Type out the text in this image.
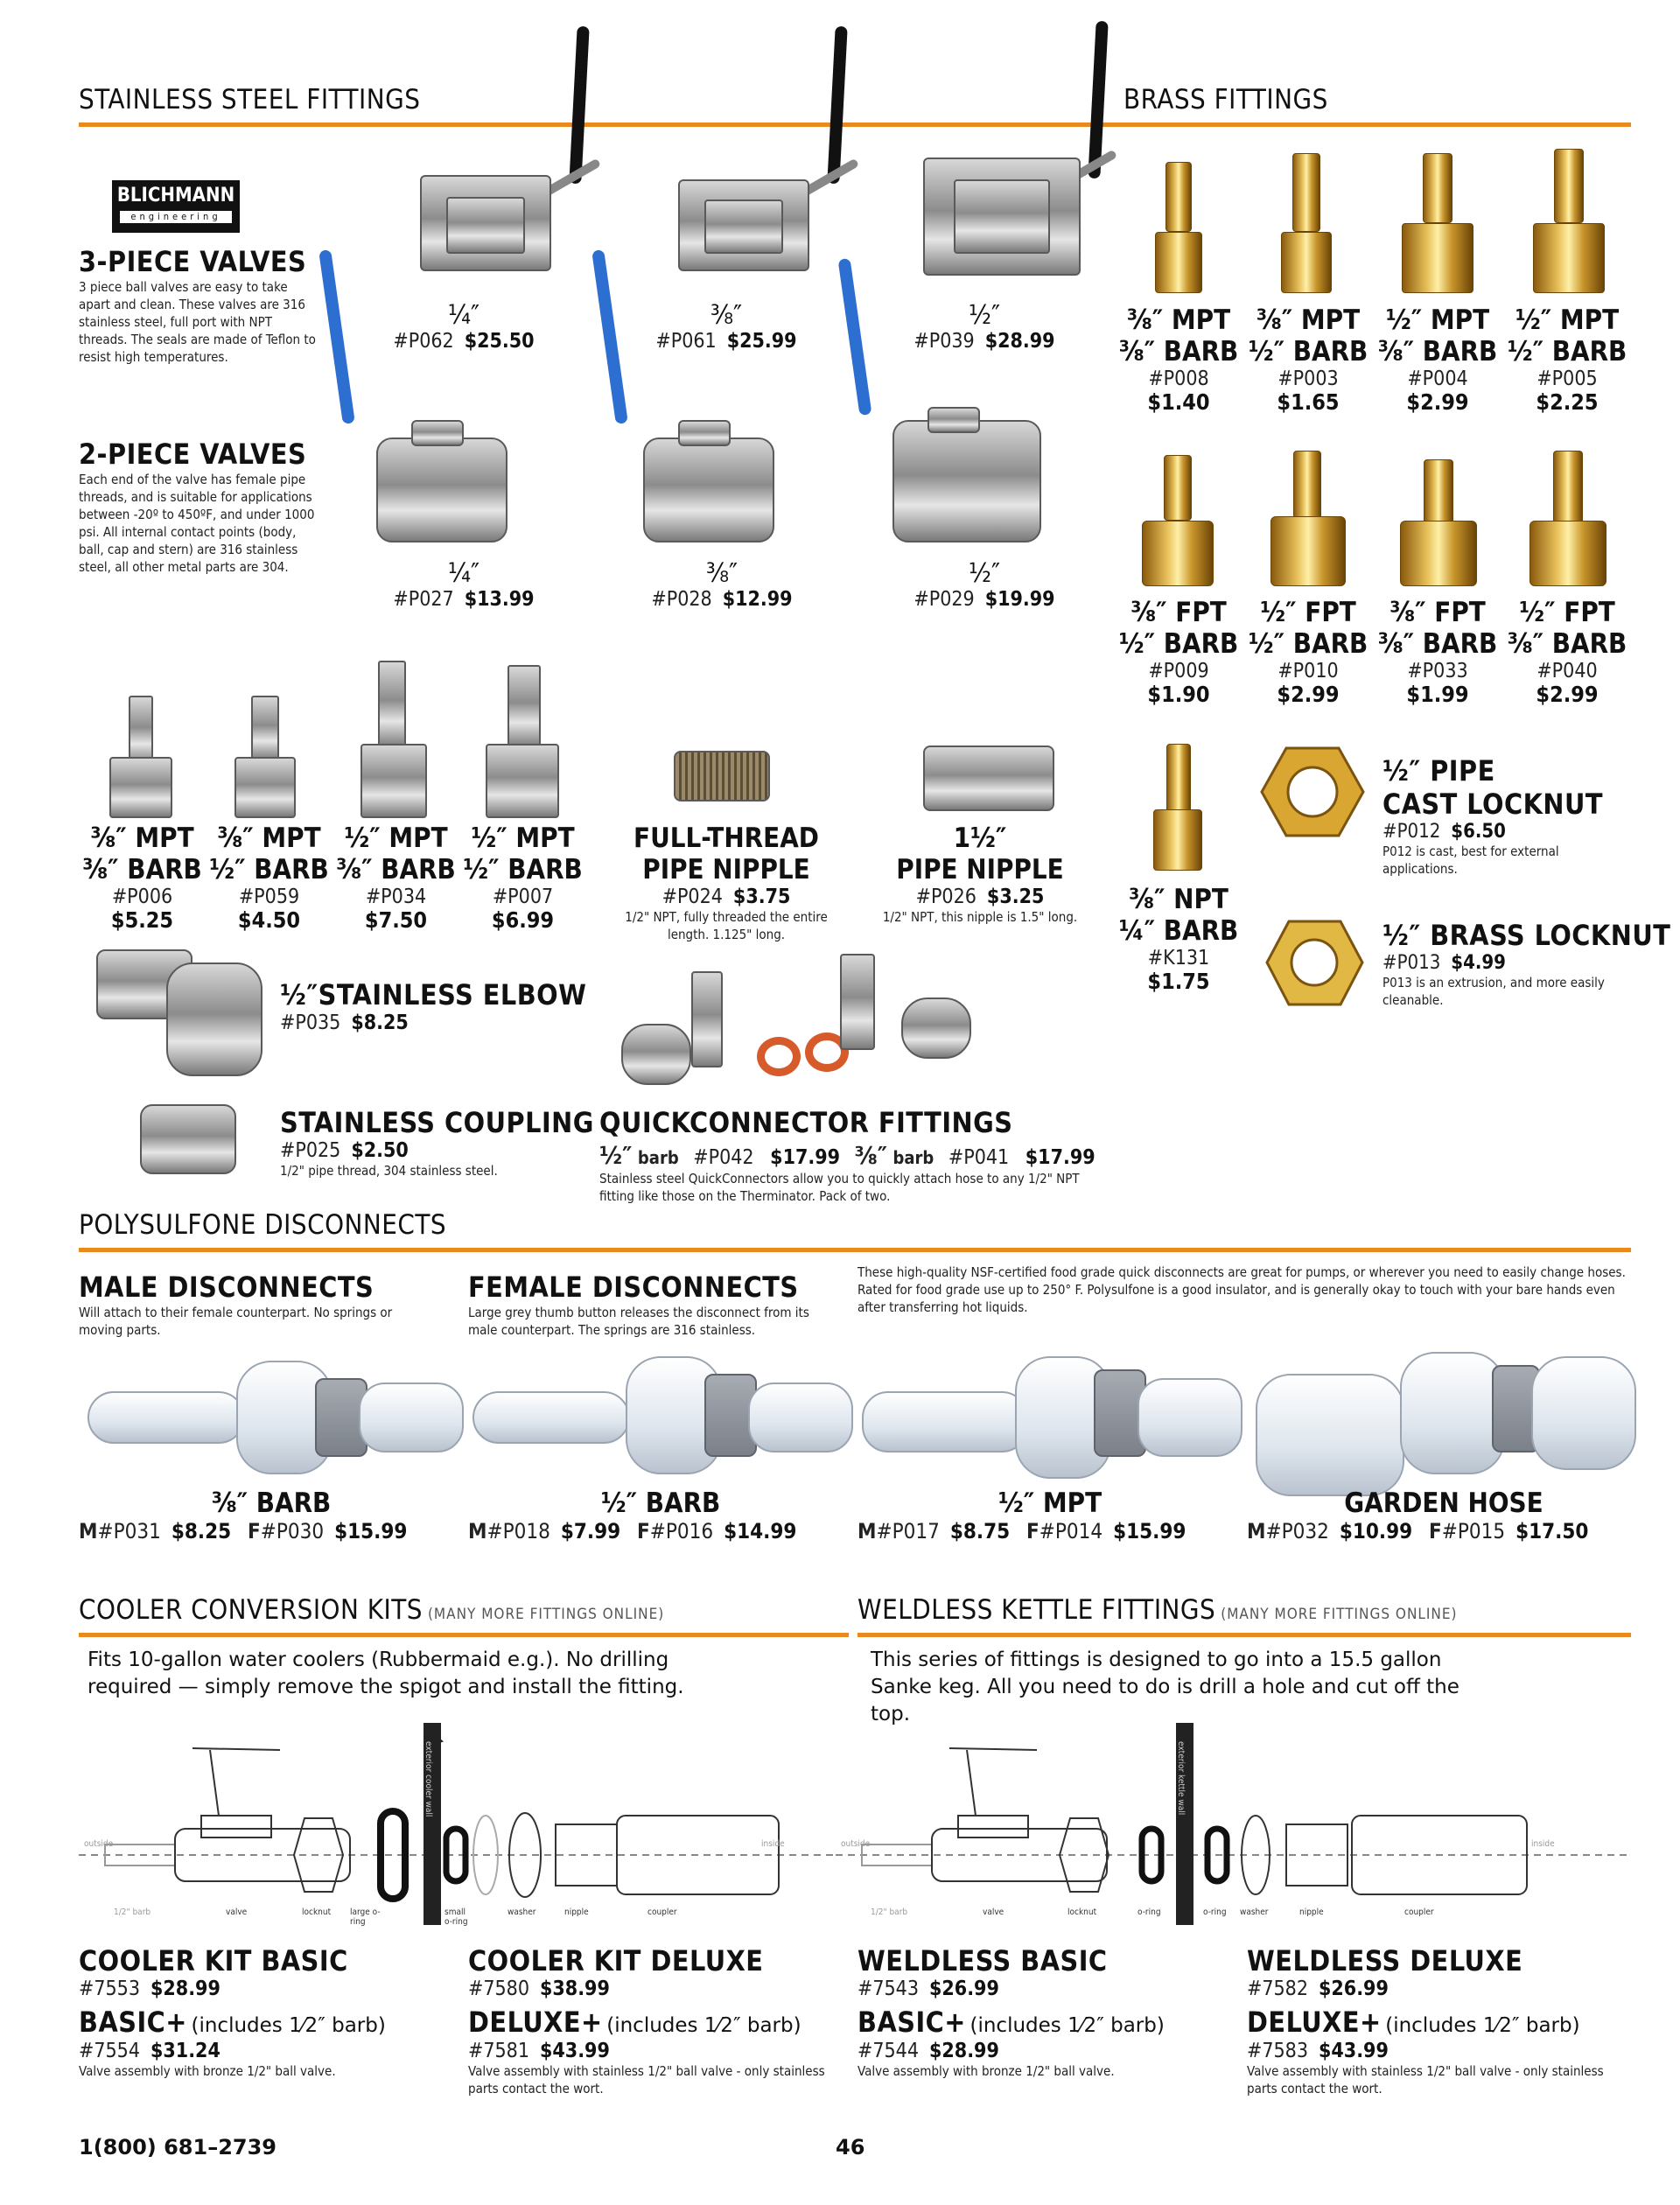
STAINLESS STEEL FITTINGS	BRASS FITTINGS
BLICHMANN
engineering
3-PIECE VALVES
3 piece ball valves are easy to take apart and clean. These valves are 316 stainless steel, full port with NPT threads. The seals are made of Teflon to resist high temperatures.
¼″
#P062 $25.50
⅜″
#P061 $25.99
½″
#P039 $28.99
2-PIECE VALVES
Each end of the valve has female pipe threads, and is suitable for applications between -20º to 450ºF, and under 1000 psi. All internal contact points (body, ball, cap and stern) are 316 stainless steel, all other metal parts are 304.	¼″
#P027 $13.99
⅜″
#P028 $12.99
½″
#P029 $19.99
⅜″ MPT
⅜″ BARB
#P008
$1.40
⅜″ MPT
½″ BARB
#P003
$1.65
½″ MPT
⅜″ BARB
#P004
$2.99
½″ MPT
½″ BARB
#P005
$2.25
⅜″ FPT
½″ BARB
#P009
$1.90
½″ FPT
½″ BARB
#P010
$2.99
⅜″ FPT
⅜″ BARB
#P033
$1.99
½″ FPT
⅜″ BARB
#P040
$2.99
⅜″ NPT
¼″ BARB
#K131
$1.75
½″ PIPE
CAST LOCKNUT
#P012 $6.50
P012 is cast, best for external applications.
½″ BRASS LOCKNUT
#P013 $4.99
P013 is an extrusion, and more easily cleanable.
⅜″ MPT
⅜″ BARB
#P006
$5.25
⅜″ MPT
½″ BARB
#P059
$4.50
½″ MPT
⅜″ BARB
#P034
$7.50
½″ MPT
½″ BARB
#P007
$6.99
FULL-THREAD
PIPE NIPPLE
#P024 $3.75
1/2" NPT, fully threaded the entire length. 1.125" long.
1½″
PIPE NIPPLE
#P026 $3.25
1/2" NPT, this nipple is 1.5" long.
½″STAINLESS ELBOW
#P035 $8.25
STAINLESS COUPLING
#P025 $2.50
1/2" pipe thread, 304 stainless steel.
QUICKCONNECTOR FITTINGS
½″ barb #P042 $17.99 ⅜″ barb #P041 $17.99
Stainless steel QuickConnectors allow you to quickly attach hose to any 1/2" NPT fitting like those on the Therminator. Pack of two.
POLYSULFONE DISCONNECTS
MALE DISCONNECTS
Will attach to their female counterpart. No springs or moving parts.
FEMALE DISCONNECTS
Large grey thumb button releases the disconnect from its male counterpart. The springs are 316 stainless.
These high-quality NSF-certified food grade quick disconnects are great for pumps, or wherever you need to easily change hoses. Rated for food grade use up to 250° F. Polysulfone is a good insulator, and is generally okay to touch with your bare hands even after transferring hot liquids.
⅜″ BARB
M#P031 $8.25 F#P030 $15.99
½″ BARB
M#P018 $7.99 F#P016 $14.99
½″ MPT
M#P017 $8.75 F#P014 $15.99
GARDEN HOSE
M#P032 $10.99 F#P015 $17.50
COOLER CONVERSION KITS (MANY MORE FITTINGS ONLINE)	WELDLESS KETTLE FITTINGS (MANY MORE FITTINGS ONLINE)
Fits 10-gallon water coolers (Rubbermaid e.g.). No drilling required — simply remove the spigot and install the fitting.
This series of fittings is designed to go into a 15.5 gallon Sanke keg. All you need to do is drill a hole and cut off the top.
outside	inside
1/2" barb	valve	locknut large o-ring
exterior cooler wall
small o-ring
washer	nipple	coupler
outside	inside
1/2" barb	valve	locknut	o-ring
exterior kettle wall
o-ring washer	nipple	coupler
COOLER KIT BASIC
#7553 $28.99
BASIC+ (includes 1⁄2″ barb)
#7554 $31.24
Valve assembly with bronze 1/2" ball valve.
COOLER KIT DELUXE
#7580 $38.99
DELUXE+ (includes 1⁄2″ barb)
#7581 $43.99
Valve assembly with stainless 1/2" ball valve - only stainless parts contact the wort.
WELDLESS BASIC
#7543 $26.99
BASIC+ (includes 1⁄2″ barb)
#7544 $28.99
Valve assembly with bronze 1/2" ball valve.
WELDLESS DELUXE
#7582 $26.99
DELUXE+ (includes 1⁄2″ barb)
#7583 $43.99
Valve assembly with stainless 1/2" ball valve - only stainless parts contact the wort.
1(800) 681–2739	46
